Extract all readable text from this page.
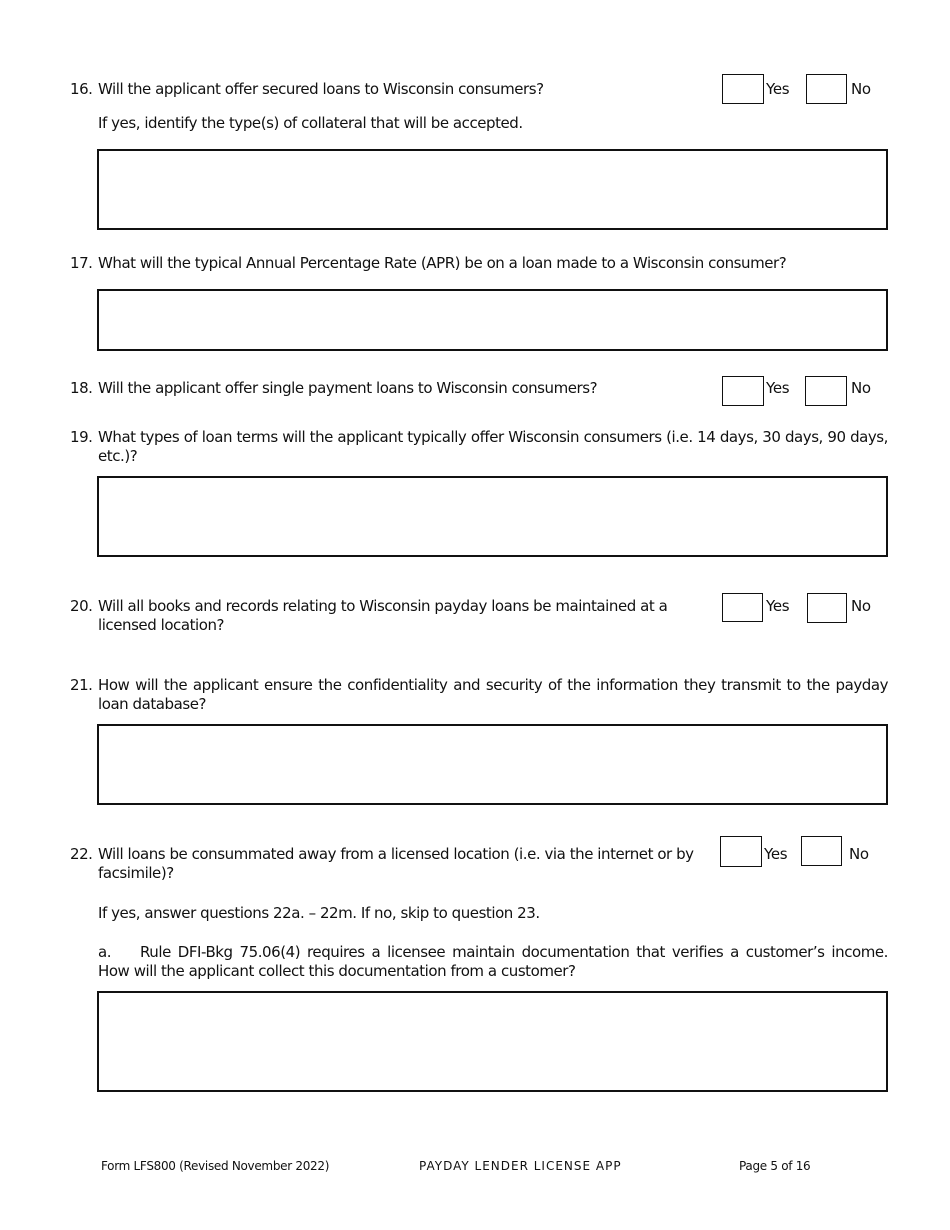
16. Will the applicant offer secured loans to Wisconsin consumers?	Yes	No
If yes, identify the type(s) of collateral that will be accepted.
17. What will the typical Annual Percentage Rate (APR) be on a loan made to a Wisconsin consumer?
18. Will the applicant offer single payment loans to Wisconsin consumers?	Yes	No
19. What types of loan terms will the applicant typically offer Wisconsin consumers (i.e. 14 days, 30 days, 90 days, etc.)?
20. Will all books and records relating to Wisconsin payday loans be maintained at a licensed location?
Yes	No
21. How will the applicant ensure the confidentiality and security of the information they transmit to the payday loan database?
22. Will loans be consummated away from a licensed location (i.e. via the internet or by facsimile)?
Yes	No
If yes, answer questions 22a. – 22m. If no, skip to question 23.
a.	Rule DFI-Bkg 75.06(4) requires a licensee maintain documentation that verifies a customer’s income. How will the applicant collect this documentation from a customer?
Form LFS800 (Revised November 2022)	PAYDAY LENDER LICENSE APP	Page 5 of 16
